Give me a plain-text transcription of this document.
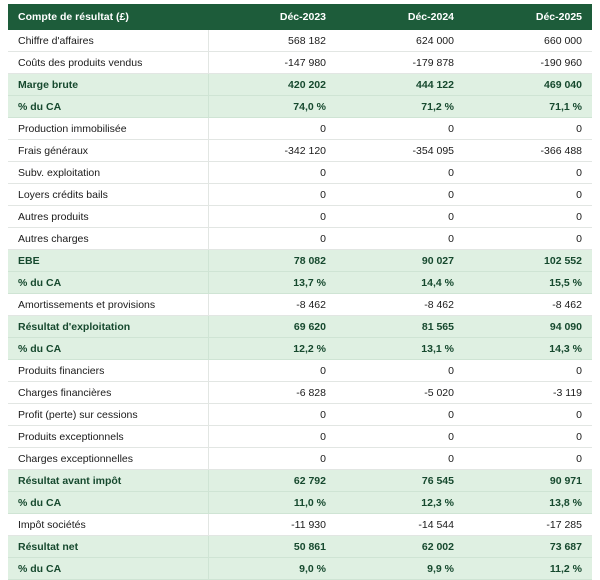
Compte de résultat (£)	Déc-2023	Déc-2024	Déc-2025
Chiffre d'affaires	568 182	624 000	660 000
Coûts des produits vendus	-147 980	-179 878	-190 960
Marge brute	420 202	444 122	469 040
% du CA	74,0 %	71,2 %	71,1 %
Production immobilisée	0	0	0
Frais généraux	-342 120	-354 095	-366 488
Subv. exploitation	0	0	0
Loyers crédits bails	0	0	0
Autres produits	0	0	0
Autres charges	0	0	0
EBE	78 082	90 027	102 552
% du CA	13,7 %	14,4 %	15,5 %
Amortissements et provisions	-8 462	-8 462	-8 462
Résultat d'exploitation	69 620	81 565	94 090
% du CA	12,2 %	13,1 %	14,3 %
Produits financiers	0	0	0
Charges financières	-6 828	-5 020	-3 119
Profit (perte) sur cessions	0	0	0
Produits exceptionnels	0	0	0
Charges exceptionnelles	0	0	0
Résultat avant impôt	62 792	76 545	90 971
% du CA	11,0 %	12,3 %	13,8 %
Impôt sociétés	-11 930	-14 544	-17 285
Résultat net	50 861	62 002	73 687
% du CA	9,0 %	9,9 %	11,2 %
